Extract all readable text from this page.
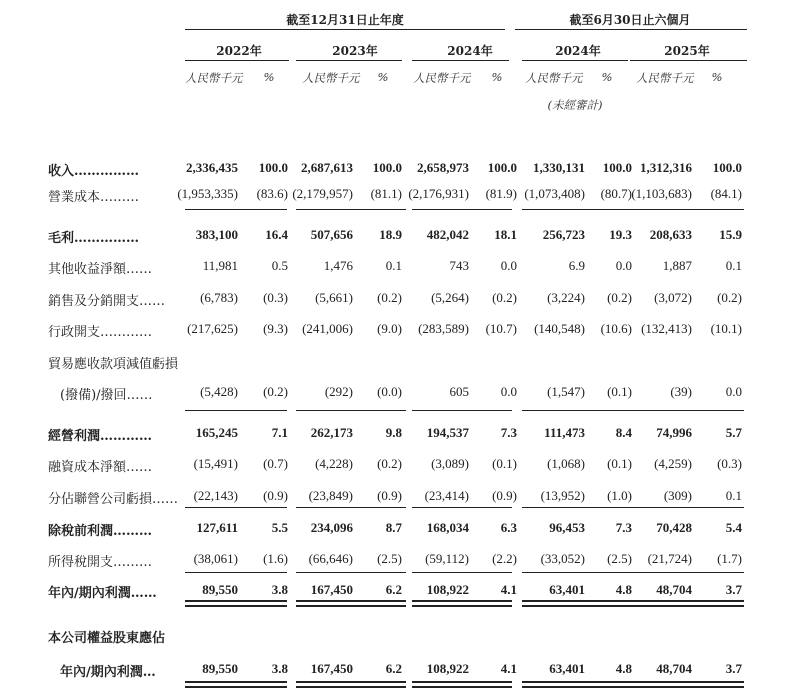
截至12月31日止年度	截至6月30日止六個月
2022年	2023年	2024年	2024年	2025年
人民幣千元 % 人民幣千元 % 人民幣千元 % 人民幣千元 % 人民幣千元 %
(未經審計)
收入……………	2,336,435	100.0	2,687,613	100.0	2,658,973	100.0	1,330,131	100.0 1,312,316	100.0
營業成本………	(1,953,335)	(83.6) (2,179,957)	(81.1) (2,176,931)	(81.9) (1,073,408)	(80.7) (1,103,683)	(84.1)
毛利……………	383,100	16.4	507,656	18.9	482,042	18.1	256,723	19.3	208,633	15.9
其他收益淨額……	11,981	0.5	1,476	0.1	743	0.0	6.9	0.0	1,887	0.1
銷售及分銷開支……	(6,783)	(0.3)	(5,661)	(0.2)	(5,264)	(0.2)	(3,224)	(0.2)	(3,072)	(0.2)
行政開支…………	(217,625)	(9.3)	(241,006)	(9.0)	(283,589)	(10.7)	(140,548)	(10.6) (132,413)	(10.1)
貿易應收款項減值虧損
(撥備)/撥回……	(5,428)	(0.2)	(292)	(0.0)	605	0.0	(1,547)	(0.1)	(39)	0.0
經營利潤…………	165,245	7.1	262,173	9.8	194,537	7.3	111,473	8.4	74,996	5.7
融資成本淨額……	(15,491)	(0.7)	(4,228)	(0.2)	(3,089)	(0.1)	(1,068)	(0.1)	(4,259)	(0.3)
分佔聯營公司虧損……	(22,143)	(0.9)	(23,849)	(0.9)	(23,414)	(0.9)	(13,952)	(1.0)	(309)	0.1
除稅前利潤………	127,611	5.5	234,096	8.7	168,034	6.3	96,453	7.3	70,428	5.4
所得稅開支………	(38,061)	(1.6)	(66,646)	(2.5)	(59,112)	(2.2)	(33,052)	(2.5)	(21,724)	(1.7)
年內/期內利潤……	89,550	3.8	167,450	6.2	108,922	4.1	63,401	4.8	48,704	3.7
本公司權益股東應佔
年內/期內利潤…	89,550	3.8	167,450	6.2	108,922	4.1	63,401	4.8	48,704	3.7
